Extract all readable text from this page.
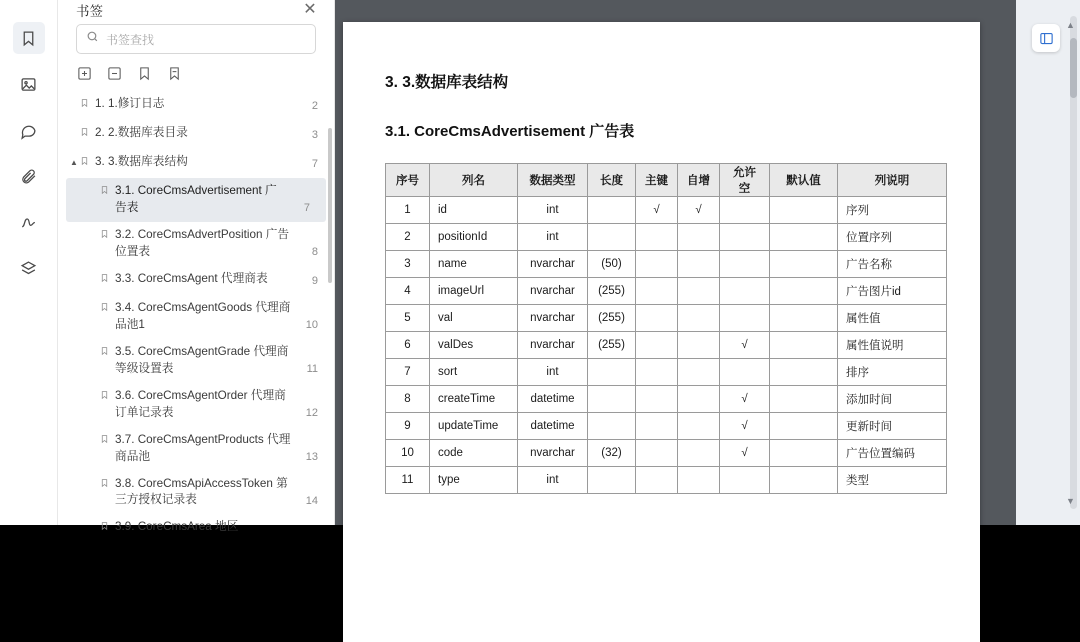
书签	✕
书签查找
1. 1.修订日志	2
2. 2.数据库表目录	3
▲ 3. 3.数据库表结构	7
3.1. CoreCmsAdvertisement 广告表	7
3.2. CoreCmsAdvertPosition 广告位置表	8
3.3. CoreCmsAgent 代理商表	9
3.4. CoreCmsAgentGoods 代理商品池1	10
3.5. CoreCmsAgentGrade 代理商等级设置表	11
3.6. CoreCmsAgentOrder 代理商订单记录表	12
3.7. CoreCmsAgentProducts 代理商品池	13
3.8. CoreCmsApiAccessToken 第三方授权记录表	14
3.9. CoreCmsArea 地区
3. 3.数据库表结构
3.1. CoreCmsAdvertisement 广告表
序号	列名	数据类型	长度	主键	自增	允许空	默认值	列说明
1	id	int		√	√			序列
2	positionId	int						位置序列
3	name	nvarchar	(50)					广告名称
4	imageUrl	nvarchar	(255)					广告图片id
5	val	nvarchar	(255)					属性值
6	valDes	nvarchar	(255)			√		属性值说明
7	sort	int						排序
8	createTime	datetime				√		添加时间
9	updateTime	datetime				√		更新时间
10	code	nvarchar	(32)			√		广告位置编码
11	type	int						类型
▲
▼
